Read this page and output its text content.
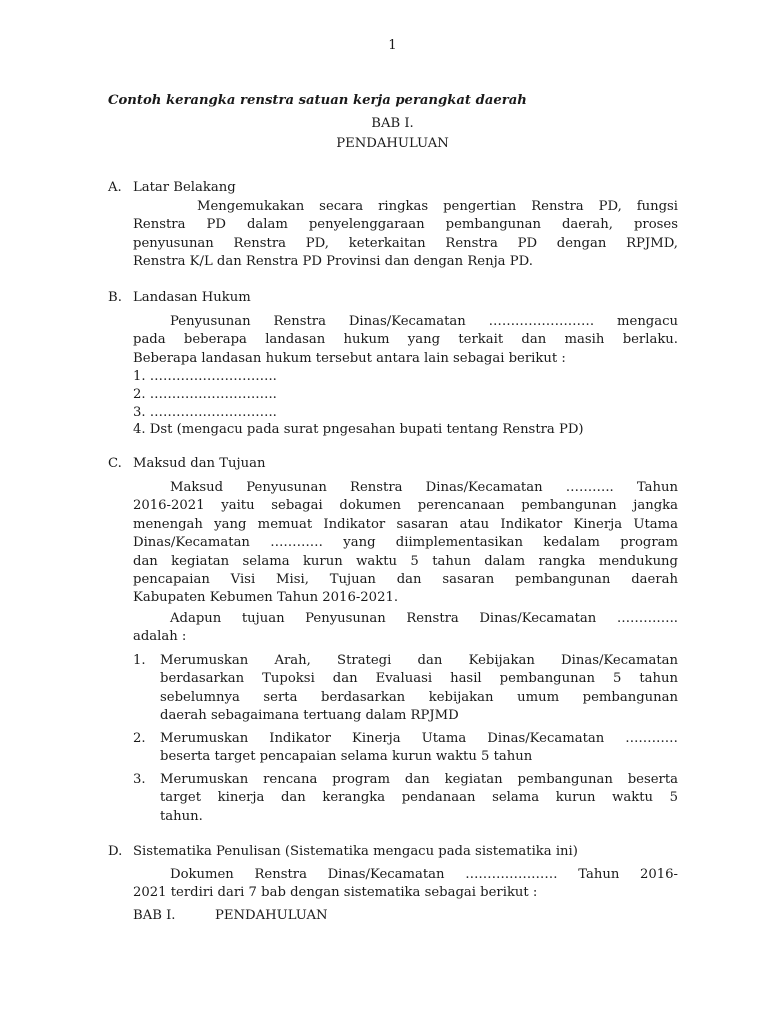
1
Contoh kerangka renstra satuan kerja perangkat daerah
BAB I.
PENDAHULUAN
A. Latar Belakang
Mengemukakan secara ringkas pengertian Renstra PD, fungsi
Renstra PD dalam penyelenggaraan pembangunan daerah, proses
penyusunan Renstra PD, keterkaitan Renstra PD dengan RPJMD,
Renstra K/L dan Renstra PD Provinsi dan dengan Renja PD.
B. Landasan Hukum
Penyusunan Renstra Dinas/Kecamatan …………………… mengacu
pada beberapa landasan hukum yang terkait dan masih berlaku.
Beberapa landasan hukum tersebut antara lain sebagai berikut :
1. ………………………..
2. ………………………..
3. ………………………..
4. Dst (mengacu pada surat pngesahan bupati tentang Renstra PD)
C. Maksud dan Tujuan
Maksud Penyusunan Renstra Dinas/Kecamatan ……….. Tahun
2016-2021 yaitu sebagai dokumen perencanaan pembangunan jangka
menengah yang memuat Indikator sasaran atau Indikator Kinerja Utama
Dinas/Kecamatan ………… yang diimplementasikan kedalam program
dan kegiatan selama kurun waktu 5 tahun dalam rangka mendukung
pencapaian Visi Misi, Tujuan dan sasaran pembangunan daerah
Kabupaten Kebumen Tahun 2016-2021.
Adapun tujuan Penyusunan Renstra Dinas/Kecamatan …………..
adalah :
1.	Merumuskan Arah, Strategi dan Kebijakan Dinas/Kecamatan
berdasarkan Tupoksi dan Evaluasi hasil pembangunan 5 tahun
sebelumnya serta berdasarkan kebijakan umum pembangunan
daerah sebagaimana tertuang dalam RPJMD
2.	Merumuskan Indikator Kinerja Utama Dinas/Kecamatan …………
beserta target pencapaian selama kurun waktu 5 tahun
3.	Merumuskan rencana program dan kegiatan pembangunan beserta
target kinerja dan kerangka pendanaan selama kurun waktu 5
tahun.
D. Sistematika Penulisan (Sistematika mengacu pada sistematika ini)
Dokumen Renstra Dinas/Kecamatan ………………… Tahun 2016-
2021 terdiri dari 7 bab dengan sistematika sebagai berikut :
BAB I.	PENDAHULUAN
